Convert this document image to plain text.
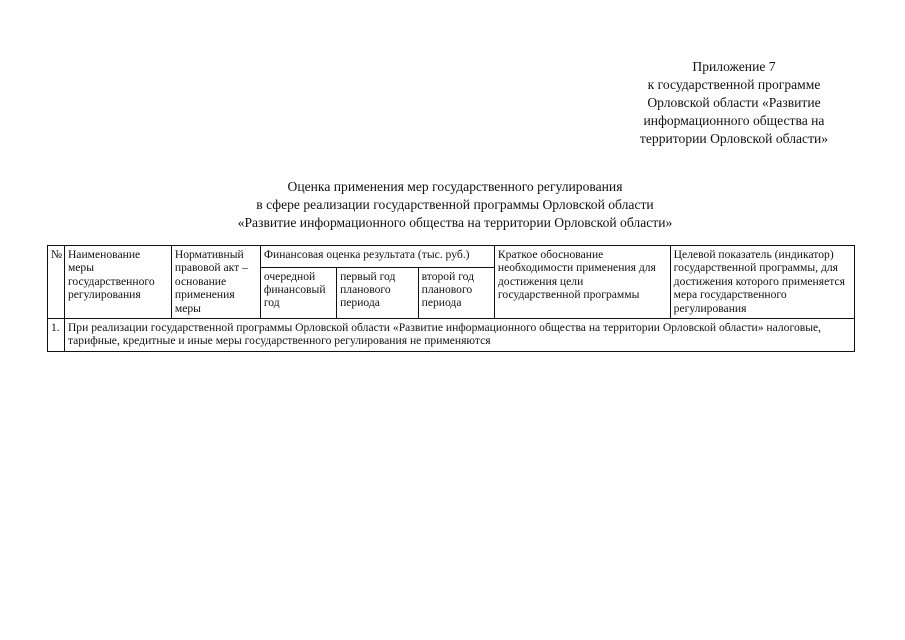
Приложение 7
к государственной программе
Орловской области «Развитие
информационного общества на
территории Орловской области»
Оценка применения мер государственного регулирования
в сфере реализации государственной программы Орловской области
«Развитие информационного общества на территории Орловской области»
№	Наименование меры государственного регулирования	Нормативный правовой акт – основание применения меры	Финансовая оценка результата (тыс. руб.)			Краткое обоснование необходимости применения для достижения цели государственной программы	Целевой показатель (индикатор) государственной программы, для достижения которого применяется мера государственного регулирования
			очередной финансовый год	первый год планового периода	второй год планового периода		
1.	При реализации государственной программы Орловской области «Развитие информационного общества на территории Орловской области» налоговые, тарифные, кредитные и иные меры государственного регулирования не применяются						
